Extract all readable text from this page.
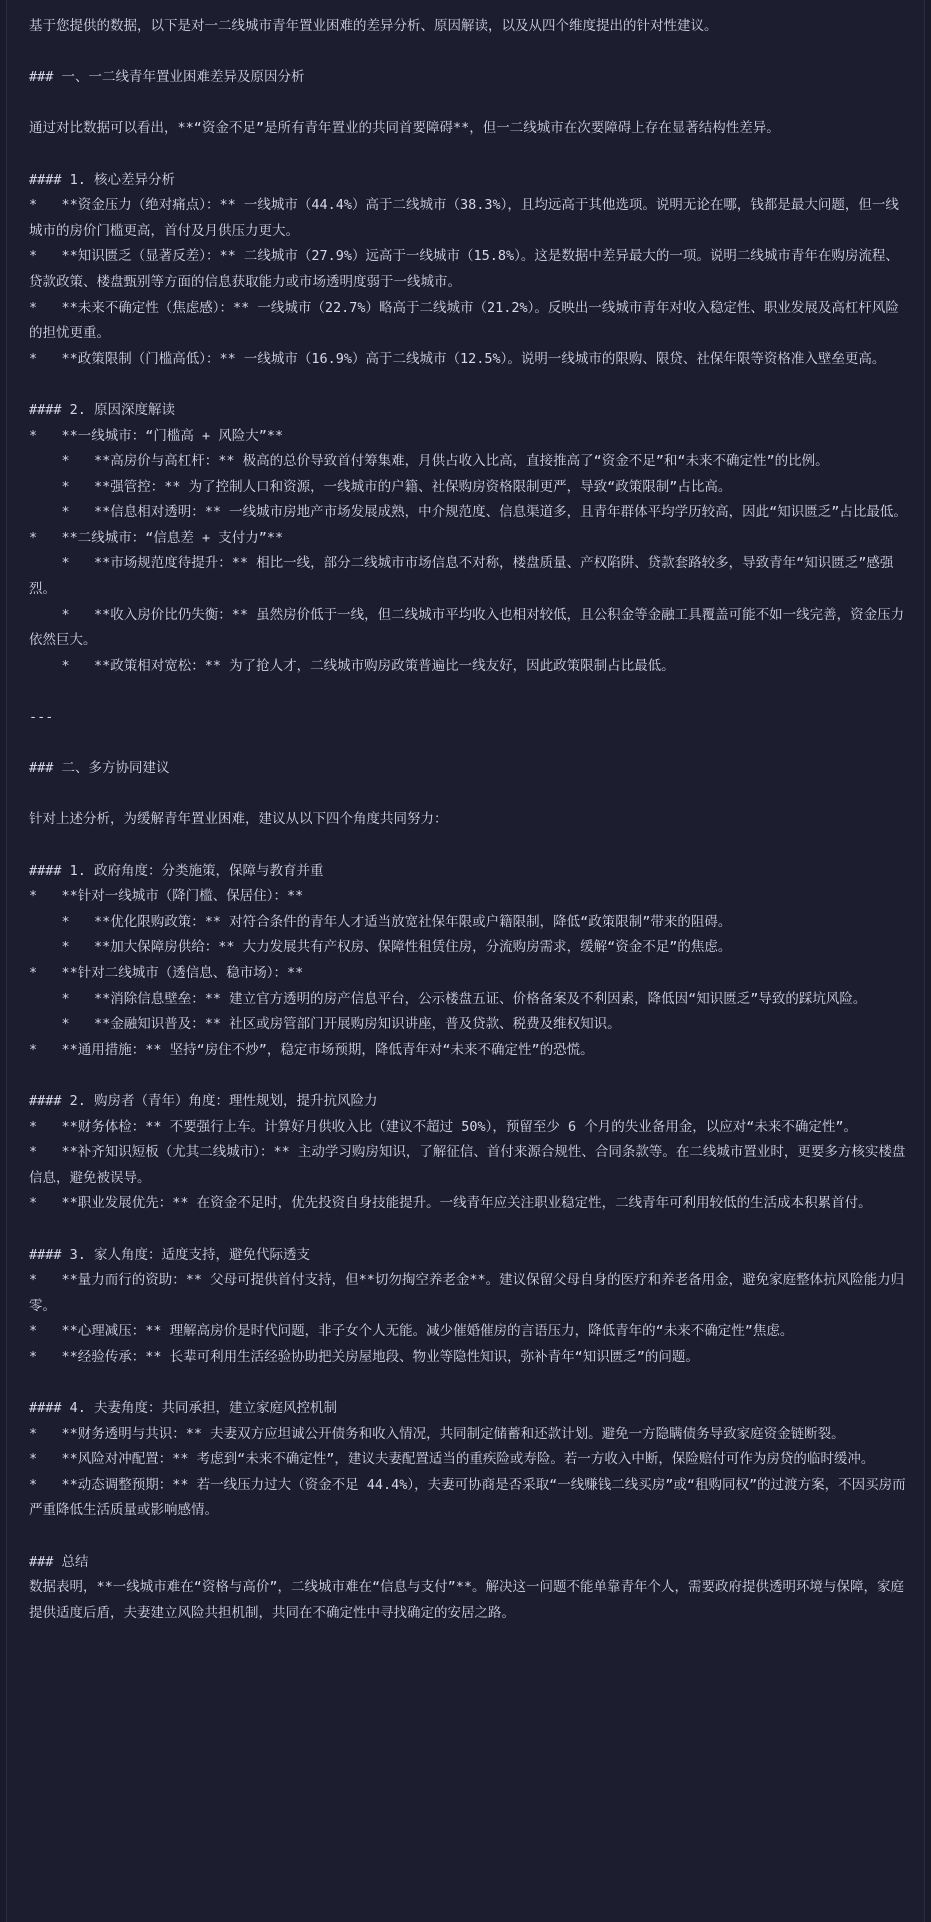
基于您提供的数据，以下是对一二线城市青年置业困难的差异分析、原因解读，以及从四个维度提出的针对性建议。
### 一、一二线青年置业困难差异及原因分析
通过对比数据可以看出，**“资金不足”是所有青年置业的共同首要障碍**，但一二线城市在次要障碍上存在显著结构性差异。
#### 1. 核心差异分析
*   **资金压力（绝对痛点）：** 一线城市（44.4%）高于二线城市（38.3%），且均远高于其他选项。说明无论在哪，钱都是最大问题，但一线城市的房价门槛更高，首付及月供压力更大。
*   **知识匮乏（显著反差）：** 二线城市（27.9%）远高于一线城市（15.8%）。这是数据中差异最大的一项。说明二线城市青年在购房流程、贷款政策、楼盘甄别等方面的信息获取能力或市场透明度弱于一线城市。
*   **未来不确定性（焦虑感）：** 一线城市（22.7%）略高于二线城市（21.2%）。反映出一线城市青年对收入稳定性、职业发展及高杠杆风险的担忧更重。
*   **政策限制（门槛高低）：** 一线城市（16.9%）高于二线城市（12.5%）。说明一线城市的限购、限贷、社保年限等资格准入壁垒更高。
#### 2. 原因深度解读
*   **一线城市：“门槛高 + 风险大”**
*   **高房价与高杠杆：** 极高的总价导致首付筹集难，月供占收入比高，直接推高了“资金不足”和“未来不确定性”的比例。
*   **强管控：** 为了控制人口和资源，一线城市的户籍、社保购房资格限制更严，导致“政策限制”占比高。
*   **信息相对透明：** 一线城市房地产市场发展成熟，中介规范度、信息渠道多，且青年群体平均学历较高，因此“知识匮乏”占比最低。
*   **二线城市：“信息差 + 支付力”**
*   **市场规范度待提升：** 相比一线，部分二线城市市场信息不对称，楼盘质量、产权陷阱、贷款套路较多，导致青年“知识匮乏”感强烈。
*   **收入房价比仍失衡：** 虽然房价低于一线，但二线城市平均收入也相对较低，且公积金等金融工具覆盖可能不如一线完善，资金压力依然巨大。
*   **政策相对宽松：** 为了抢人才，二线城市购房政策普遍比一线友好，因此政策限制占比最低。
---
### 二、多方协同建议
针对上述分析，为缓解青年置业困难，建议从以下四个角度共同努力：
#### 1. 政府角度：分类施策，保障与教育并重
*   **针对一线城市（降门槛、保居住）：**
*   **优化限购政策：** 对符合条件的青年人才适当放宽社保年限或户籍限制，降低“政策限制”带来的阻碍。
*   **加大保障房供给：** 大力发展共有产权房、保障性租赁住房，分流购房需求，缓解“资金不足”的焦虑。
*   **针对二线城市（透信息、稳市场）：**
*   **消除信息壁垒：** 建立官方透明的房产信息平台，公示楼盘五证、价格备案及不利因素，降低因“知识匮乏”导致的踩坑风险。
*   **金融知识普及：** 社区或房管部门开展购房知识讲座，普及贷款、税费及维权知识。
*   **通用措施：** 坚持“房住不炒”，稳定市场预期，降低青年对“未来不确定性”的恐慌。
#### 2. 购房者（青年）角度：理性规划，提升抗风险力
*   **财务体检：** 不要强行上车。计算好月供收入比（建议不超过 50%），预留至少 6 个月的失业备用金，以应对“未来不确定性”。
*   **补齐知识短板（尤其二线城市）：** 主动学习购房知识，了解征信、首付来源合规性、合同条款等。在二线城市置业时，更要多方核实楼盘信息，避免被误导。
*   **职业发展优先：** 在资金不足时，优先投资自身技能提升。一线青年应关注职业稳定性，二线青年可利用较低的生活成本积累首付。
#### 3. 家人角度：适度支持，避免代际透支
*   **量力而行的资助：** 父母可提供首付支持，但**切勿掏空养老金**。建议保留父母自身的医疗和养老备用金，避免家庭整体抗风险能力归零。
*   **心理减压：** 理解高房价是时代问题，非子女个人无能。减少催婚催房的言语压力，降低青年的“未来不确定性”焦虑。
*   **经验传承：** 长辈可利用生活经验协助把关房屋地段、物业等隐性知识，弥补青年“知识匮乏”的问题。
#### 4. 夫妻角度：共同承担，建立家庭风控机制
*   **财务透明与共识：** 夫妻双方应坦诚公开债务和收入情况，共同制定储蓄和还款计划。避免一方隐瞒债务导致家庭资金链断裂。
*   **风险对冲配置：** 考虑到“未来不确定性”，建议夫妻配置适当的重疾险或寿险。若一方收入中断，保险赔付可作为房贷的临时缓冲。
*   **动态调整预期：** 若一线压力过大（资金不足 44.4%），夫妻可协商是否采取“一线赚钱二线买房”或“租购同权”的过渡方案，不因买房而严重降低生活质量或影响感情。
### 总结
数据表明，**一线城市难在“资格与高价”，二线城市难在“信息与支付”**。解决这一问题不能单靠青年个人，需要政府提供透明环境与保障，家庭提供适度后盾，夫妻建立风险共担机制，共同在不确定性中寻找确定的安居之路。
